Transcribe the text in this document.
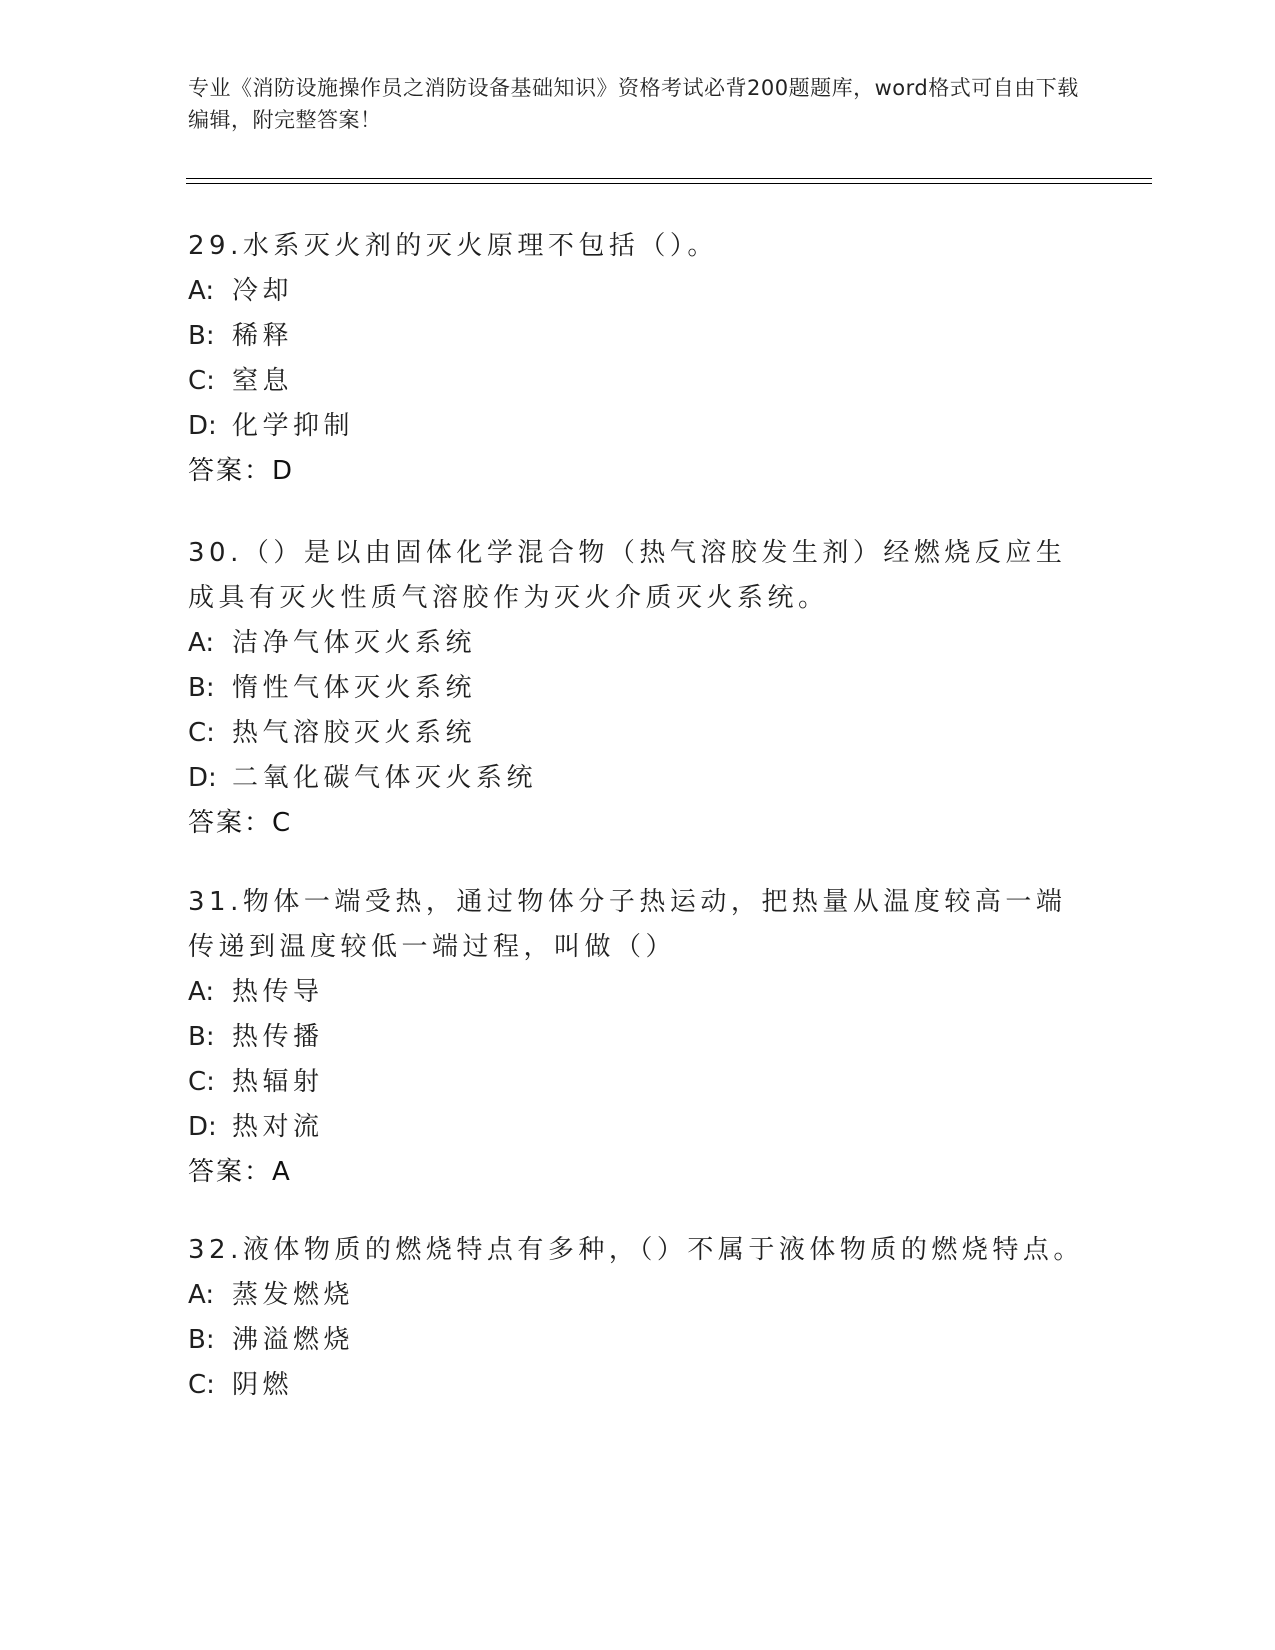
专业《消防设施操作员之消防设备基础知识》资格考试必背200题题库，word格式可自由下载编辑，附完整答案！
29.水系灭火剂的灭火原理不包括（）。
A: 冷却
B: 稀释
C: 窒息
D: 化学抑制
答案：D
30.（）是以由固体化学混合物（热气溶胶发生剂）经燃烧反应生成具有灭火性质气溶胶作为灭火介质灭火系统。
A: 洁净气体灭火系统
B: 惰性气体灭火系统
C: 热气溶胶灭火系统
D: 二氧化碳气体灭火系统
答案：C
31.物体一端受热，通过物体分子热运动，把热量从温度较高一端传递到温度较低一端过程，叫做（）
A: 热传导
B: 热传播
C: 热辐射
D: 热对流
答案：A
32.液体物质的燃烧特点有多种，（）不属于液体物质的燃烧特点。
A: 蒸发燃烧
B: 沸溢燃烧
C: 阴燃
